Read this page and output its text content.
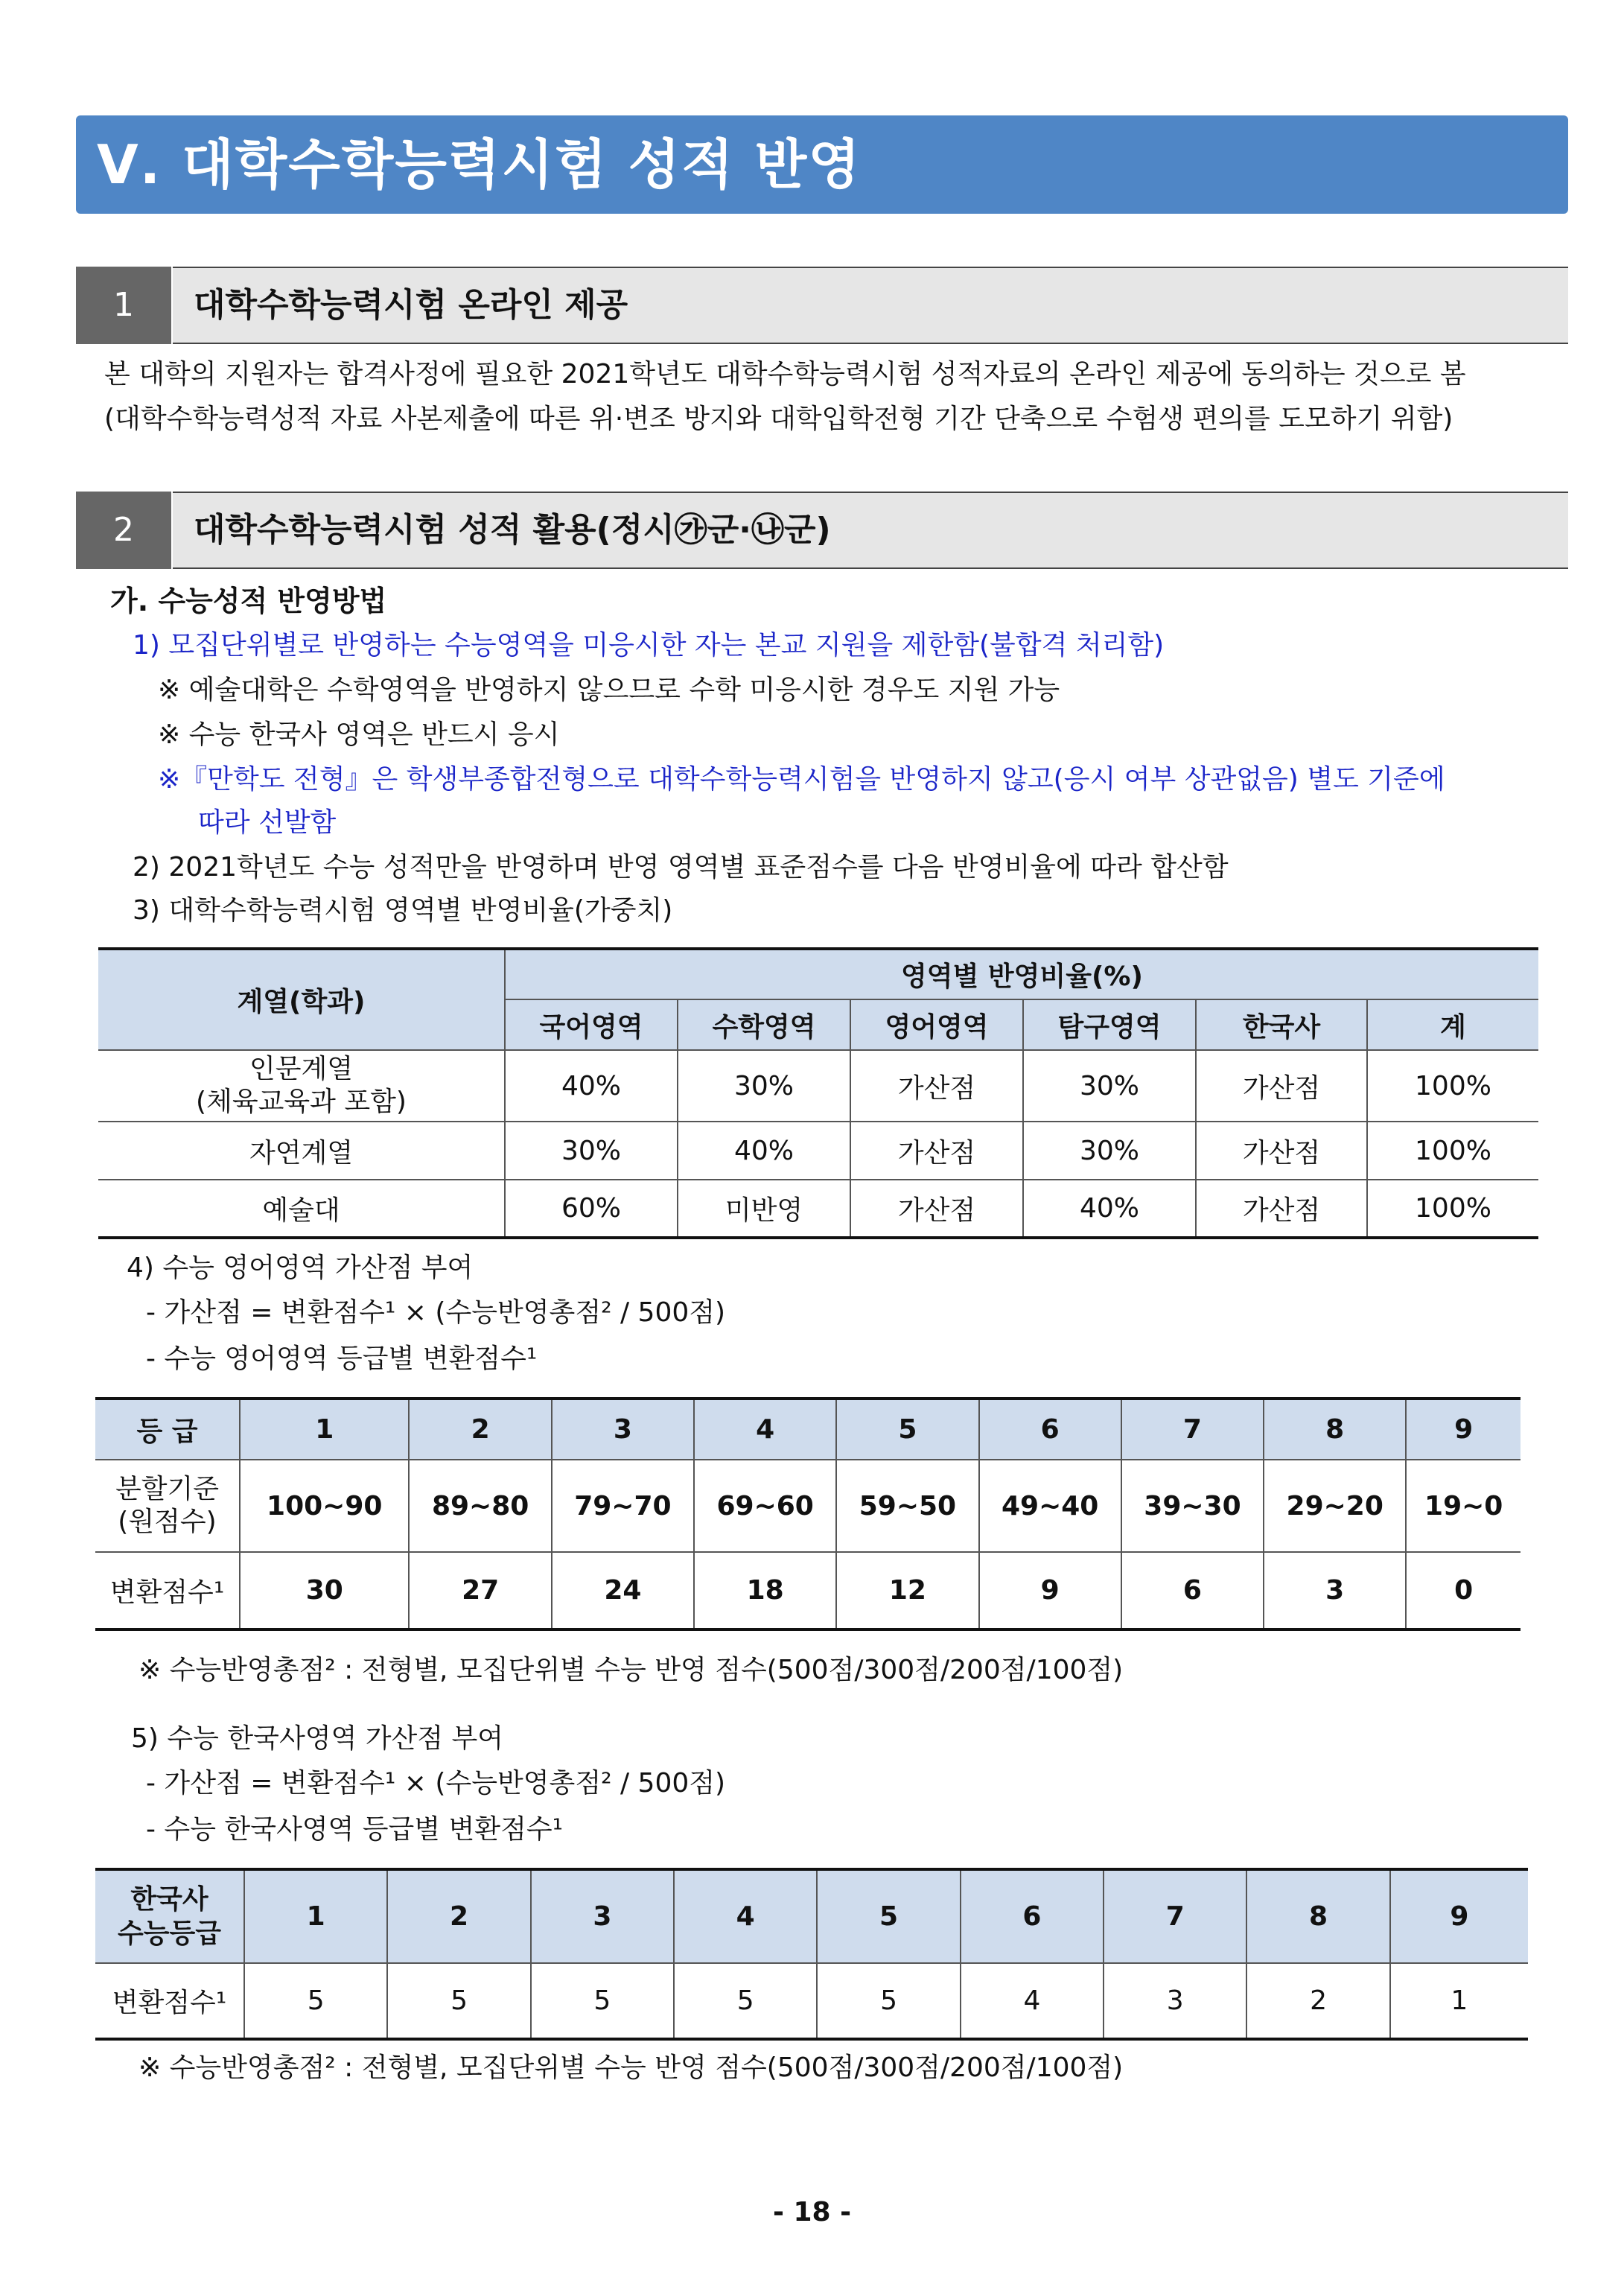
Ⅴ. 대학수학능력시험 성적 반영
1	대학수학능력시험 온라인 제공
본 대학의 지원자는 합격사정에 필요한 2021학년도 대학수학능력시험 성적자료의 온라인 제공에 동의하는 것으로 봄
(대학수학능력성적 자료 사본제출에 따른 위·변조 방지와 대학입학전형 기간 단축으로 수험생 편의를 도모하기 위함)
2	대학수학능력시험 성적 활용(정시㉮군·㉯군)
가. 수능성적 반영방법
1) 모집단위별로 반영하는 수능영역을 미응시한 자는 본교 지원을 제한함(불합격 처리함)
※ 예술대학은 수학영역을 반영하지 않으므로 수학 미응시한 경우도 지원 가능
※ 수능 한국사 영역은 반드시 응시
※『만학도 전형』은 학생부종합전형으로 대학수학능력시험을 반영하지 않고(응시 여부 상관없음) 별도 기준에
따라 선발함
2) 2021학년도 수능 성적만을 반영하며 반영 영역별 표준점수를 다음 반영비율에 따라 합산함
3) 대학수학능력시험 영역별 반영비율(가중치)
계열(학과)	영역별 반영비율(%)					
	국어영역	수학영역	영어영역	탐구영역	한국사	계

인문계열
(체육교육과 포함)	40%	30%	가산점	30%	가산점	100%
자연계열	30%	40%	가산점	30%	가산점	100%
예술대	60%	미반영	가산점	40%	가산점	100%
4) 수능 영어영역 가산점 부여
- 가산점 = 변환점수¹ × (수능반영총점² / 500점)
- 수능 영어영역 등급별 변환점수¹
등 급	1	2	3	4	5	6	7	8	9

분할기준
(원점수)	100~90	89~80	79~70	69~60	59~50	49~40	39~30	29~20	19~0
변환점수¹	30	27	24	18	12	9	6	3	0
※ 수능반영총점² : 전형별, 모집단위별 수능 반영 점수(500점/300점/200점/100점)
5) 수능 한국사영역 가산점 부여
- 가산점 = 변환점수¹ × (수능반영총점² / 500점)
- 수능 한국사영역 등급별 변환점수¹
한국사
수능등급	1	2	3	4	5	6	7	8	9
변환점수¹	5	5	5	5	5	4	3	2	1
※ 수능반영총점² : 전형별, 모집단위별 수능 반영 점수(500점/300점/200점/100점)
- 18 -
